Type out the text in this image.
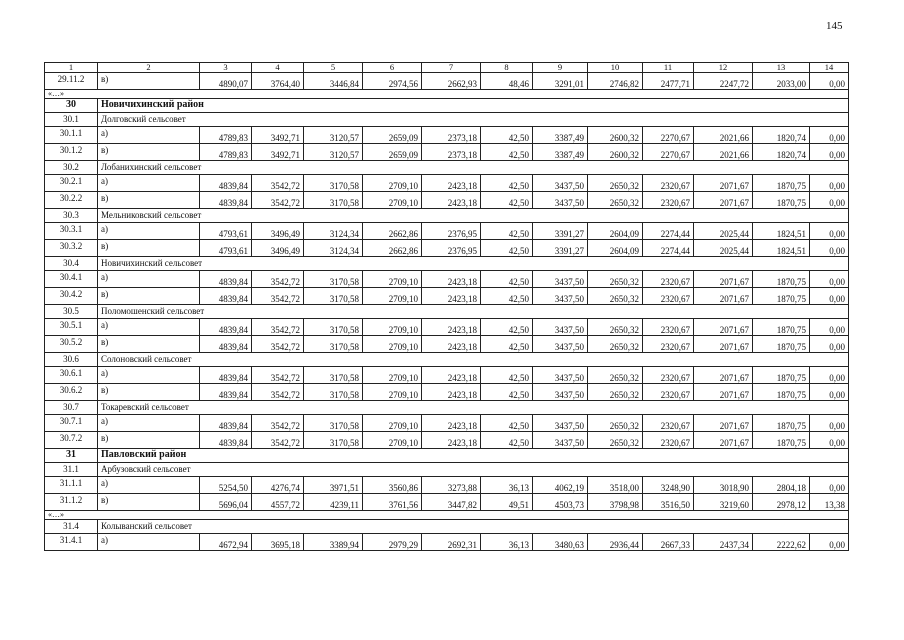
145
1	2	3	4	5	6	7	8	9	10	11	12	13	14
29.11.2	в)	4890,07	3764,40	3446,84	2974,56	2662,93	48,46	3291,01	2746,82	2477,71	2247,72	2033,00	0,00
«…»													
30	Новичихинский район												
30.1	Долговский сельсовет												
30.1.1	а)	4789,83	3492,71	3120,57	2659,09	2373,18	42,50	3387,49	2600,32	2270,67	2021,66	1820,74	0,00
30.1.2	в)	4789,83	3492,71	3120,57	2659,09	2373,18	42,50	3387,49	2600,32	2270,67	2021,66	1820,74	0,00
30.2	Лобанихинский сельсовет												
30.2.1	а)	4839,84	3542,72	3170,58	2709,10	2423,18	42,50	3437,50	2650,32	2320,67	2071,67	1870,75	0,00
30.2.2	в)	4839,84	3542,72	3170,58	2709,10	2423,18	42,50	3437,50	2650,32	2320,67	2071,67	1870,75	0,00
30.3	Мельниковский сельсовет												
30.3.1	а)	4793,61	3496,49	3124,34	2662,86	2376,95	42,50	3391,27	2604,09	2274,44	2025,44	1824,51	0,00
30.3.2	в)	4793,61	3496,49	3124,34	2662,86	2376,95	42,50	3391,27	2604,09	2274,44	2025,44	1824,51	0,00
30.4	Новичихинский сельсовет												
30.4.1	а)	4839,84	3542,72	3170,58	2709,10	2423,18	42,50	3437,50	2650,32	2320,67	2071,67	1870,75	0,00
30.4.2	в)	4839,84	3542,72	3170,58	2709,10	2423,18	42,50	3437,50	2650,32	2320,67	2071,67	1870,75	0,00
30.5	Поломошенский сельсовет												
30.5.1	а)	4839,84	3542,72	3170,58	2709,10	2423,18	42,50	3437,50	2650,32	2320,67	2071,67	1870,75	0,00
30.5.2	в)	4839,84	3542,72	3170,58	2709,10	2423,18	42,50	3437,50	2650,32	2320,67	2071,67	1870,75	0,00
30.6	Солоновский сельсовет												
30.6.1	а)	4839,84	3542,72	3170,58	2709,10	2423,18	42,50	3437,50	2650,32	2320,67	2071,67	1870,75	0,00
30.6.2	в)	4839,84	3542,72	3170,58	2709,10	2423,18	42,50	3437,50	2650,32	2320,67	2071,67	1870,75	0,00
30.7	Токаревский сельсовет												
30.7.1	а)	4839,84	3542,72	3170,58	2709,10	2423,18	42,50	3437,50	2650,32	2320,67	2071,67	1870,75	0,00
30.7.2	в)	4839,84	3542,72	3170,58	2709,10	2423,18	42,50	3437,50	2650,32	2320,67	2071,67	1870,75	0,00
31	Павловский район												
31.1	Арбузовский сельсовет												
31.1.1	а)	5254,50	4276,74	3971,51	3560,86	3273,88	36,13	4062,19	3518,00	3248,90	3018,90	2804,18	0,00
31.1.2	в)	5696,04	4557,72	4239,11	3761,56	3447,82	49,51	4503,73	3798,98	3516,50	3219,60	2978,12	13,38
«…»													
31.4	Колыванский сельсовет												
31.4.1	а)	4672,94	3695,18	3389,94	2979,29	2692,31	36,13	3480,63	2936,44	2667,33	2437,34	2222,62	0,00
